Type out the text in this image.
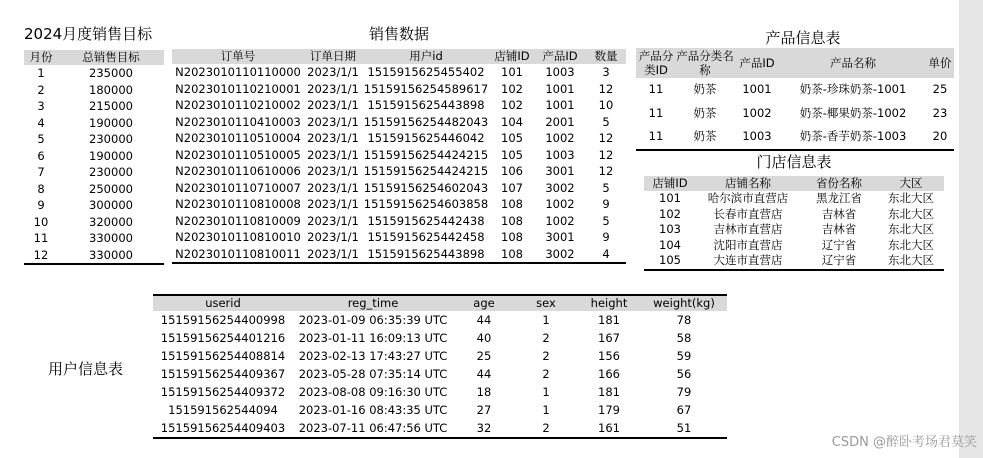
2024月度销售目标
月份	总销售目标
1	235000
2	180000
3	215000
4	190000
5	230000
6	190000
7	230000
8	250000
9	300000
10	320000
11	330000
12	330000
销售数据
订单号	订单日期	用户id	店铺ID	产品ID	数量
N2023010110110000	2023/1/1	1515915625455402	101	1003	3
N2023010110210001	2023/1/1	15159156254589617	102	1001	12
N2023010110210002	2023/1/1	1515915625443898	102	1001	10
N2023010110410003	2023/1/1	15159156254482043	104	2001	5
N2023010110510004	2023/1/1	1515915625446042	105	1002	12
N2023010110510005	2023/1/1	15159156254424215	105	1003	12
N2023010110610006	2023/1/1	15159156254424215	106	3001	12
N2023010110710007	2023/1/1	15159156254602043	107	3002	5
N2023010110810008	2023/1/1	15159156254603858	108	1002	9
N2023010110810009	2023/1/1	1515915625442438	108	1002	5
N2023010110810010	2023/1/1	1515915625442458	108	3001	9
N2023010110810011	2023/1/1	1515915625443898	108	3002	4
产品信息表
产品分类ID	产品分类名称	产品ID	产品名称	单价
11	奶茶	1001	奶茶-珍珠奶茶-1001	25
11	奶茶	1002	奶茶-椰果奶茶-1002	23
11	奶茶	1003	奶茶-香芋奶茶-1003	20
门店信息表
店铺ID	店铺名称	省份名称	大区
101	哈尔滨市直营店	黑龙江省	东北大区
102	长春市直营店	吉林省	东北大区
103	吉林市直营店	吉林省	东北大区
104	沈阳市直营店	辽宁省	东北大区
105	大连市直营店	辽宁省	东北大区
用户信息表
userid	reg_time	age	sex	height	weight(kg)
15159156254400998	2023-01-09 06:35:39 UTC	44	1	181	78
15159156254401216	2023-01-11 16:09:13 UTC	40	2	167	58
15159156254408814	2023-02-13 17:43:27 UTC	25	2	156	59
15159156254409367	2023-05-28 07:35:14 UTC	44	2	166	56
15159156254409372	2023-08-08 09:16:30 UTC	18	1	181	79
151591562544094	2023-01-16 08:43:35 UTC	27	1	179	67
15159156254409403	2023-07-11 06:47:56 UTC	32	2	161	51
CSDN @醉卧考场君莫笑
